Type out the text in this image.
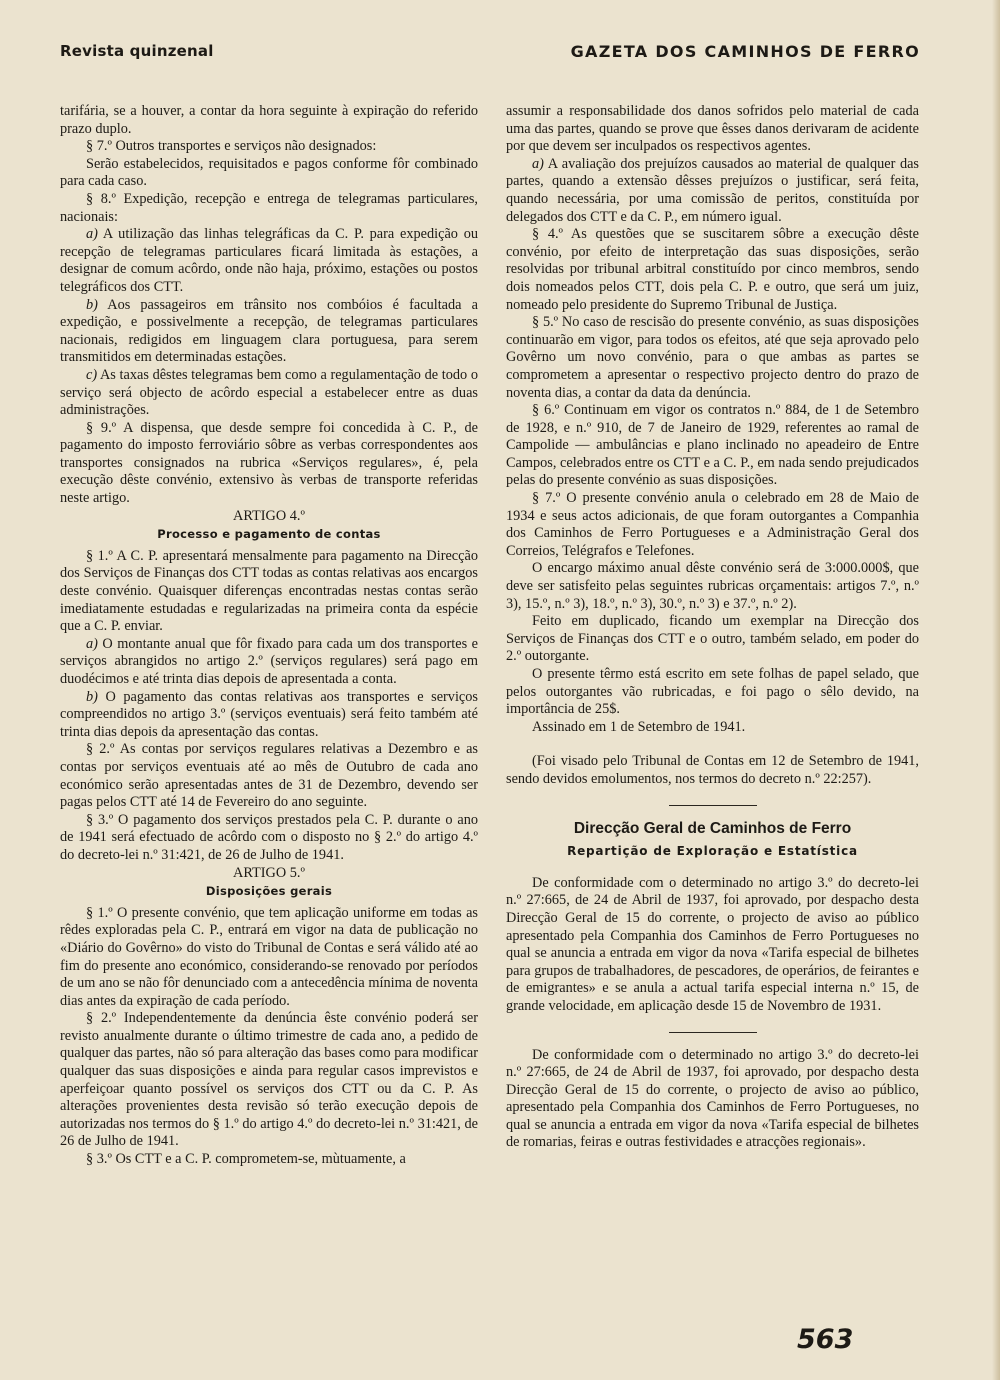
Revista quinzenal	GAZETA DOS CAMINHOS DE FERRO

tarifária, se a houver, a contar da hora seguinte à expiração do referido prazo duplo.

§ 7.º Outros transportes e serviços não designados:

Serão estabelecidos, requisitados e pagos conforme fôr combinado para cada caso.

§ 8.º Expedição, recepção e entrega de telegramas particulares, nacionais:

a) A utilização das linhas telegráficas da C. P. para expedição ou recepção de telegramas particulares ficará limitada às estações, a designar de comum acôrdo, onde não haja, próximo, estações ou postos telegráficos dos CTT.

b) Aos passageiros em trânsito nos combóios é facultada a expedição, e possivelmente a recepção, de telegramas particulares nacionais, redigidos em linguagem clara portuguesa, para serem transmitidos em determinadas estações.

c) As taxas dêstes telegramas bem como a regulamentação de todo o serviço será objecto de acôrdo especial a estabelecer entre as duas administrações.

§ 9.º A dispensa, que desde sempre foi concedida à C. P., de pagamento do imposto ferroviário sôbre as verbas correspondentes aos transportes consignados na rubrica «Serviços regulares», é, pela execução dêste convénio, extensivo às verbas de transporte referidas neste artigo.

ARTIGO 4.º

Processo e pagamento de contas

§ 1.º A C. P. apresentará mensalmente para pagamento na Direcção dos Serviços de Finanças dos CTT todas as contas relativas aos encargos deste convénio. Quaisquer diferenças encontradas nestas contas serão imediatamente estudadas e regularizadas na primeira conta da espécie que a C. P. enviar.

a) O montante anual que fôr fixado para cada um dos transportes e serviços abrangidos no artigo 2.º (serviços regulares) será pago em duodécimos e até trinta dias depois de apresentada a conta.

b) O pagamento das contas relativas aos transportes e serviços compreendidos no artigo 3.º (serviços eventuais) será feito também até trinta dias depois da apresentação das contas.

§ 2.º As contas por serviços regulares relativas a Dezembro e as contas por serviços eventuais até ao mês de Outubro de cada ano económico serão apresentadas antes de 31 de Dezembro, devendo ser pagas pelos CTT até 14 de Fevereiro do ano seguinte.

§ 3.º O pagamento dos serviços prestados pela C. P. durante o ano de 1941 será efectuado de acôrdo com o disposto no § 2.º do artigo 4.º do decreto-lei n.º 31:421, de 26 de Julho de 1941.

ARTIGO 5.º

Disposições gerais

§ 1.º O presente convénio, que tem aplicação uniforme em todas as rêdes exploradas pela C. P., entrará em vigor na data de publicação no «Diário do Govêrno» do visto do Tribunal de Contas e será válido até ao fim do presente ano económico, considerando-se renovado por períodos de um ano se não fôr denunciado com a antecedência mínima de noventa dias antes da expiração de cada período.

§ 2.º Independentemente da denúncia êste convénio poderá ser revisto anualmente durante o último trimestre de cada ano, a pedido de qualquer das partes, não só para alteração das bases como para modificar qualquer das suas disposições e ainda para regular casos imprevistos e aperfeiçoar quanto possível os serviços dos CTT ou da C. P. As alterações provenientes desta revisão só terão execução depois de autorizadas nos termos do § 1.º do artigo 4.º do decreto-lei n.º 31:421, de 26 de Julho de 1941.

§ 3.º Os CTT e a C. P. comprometem-se, mùtuamente, a

assumir a responsabilidade dos danos sofridos pelo material de cada uma das partes, quando se prove que êsses danos derivaram de acidente por que devem ser inculpados os respectivos agentes.

a) A avaliação dos prejuízos causados ao material de qualquer das partes, quando a extensão dêsses prejuízos o justificar, será feita, quando necessária, por uma comissão de peritos, constituída por delegados dos CTT e da C. P., em número igual.

§ 4.º As questões que se suscitarem sôbre a execução dêste convénio, por efeito de interpretação das suas disposições, serão resolvidas por tribunal arbitral constituído por cinco membros, sendo dois nomeados pelos CTT, dois pela C. P. e outro, que será um juiz, nomeado pelo presidente do Supremo Tribunal de Justiça.

§ 5.º No caso de rescisão do presente convénio, as suas disposições continuarão em vigor, para todos os efeitos, até que seja aprovado pelo Govêrno um novo convénio, para o que ambas as partes se comprometem a apresentar o respectivo projecto dentro do prazo de noventa dias, a contar da data da denúncia.

§ 6.º Continuam em vigor os contratos n.º 884, de 1 de Setembro de 1928, e n.º 910, de 7 de Janeiro de 1929, referentes ao ramal de Campolide — ambulâncias e plano inclinado no apeadeiro de Entre Campos, celebrados entre os CTT e a C. P., em nada sendo prejudicados pelas do presente convénio as suas disposições.

§ 7.º O presente convénio anula o celebrado em 28 de Maio de 1934 e seus actos adicionais, de que foram outorgantes a Companhia dos Caminhos de Ferro Portugueses e a Administração Geral dos Correios, Telégrafos e Telefones.

O encargo máximo anual dêste convénio será de 3:000.000$, que deve ser satisfeito pelas seguintes rubricas orçamentais: artigos 7.º, n.º 3), 15.º, n.º 3), 18.º, n.º 3), 30.º, n.º 3) e 37.º, n.º 2).

Feito em duplicado, ficando um exemplar na Direcção dos Serviços de Finanças dos CTT e o outro, também selado, em poder do 2.º outorgante.

O presente têrmo está escrito em sete folhas de papel selado, que pelos outorgantes vão rubricadas, e foi pago o sêlo devido, na importância de 25$.

Assinado em 1 de Setembro de 1941.

(Foi visado pelo Tribunal de Contas em 12 de Setembro de 1941, sendo devidos emolumentos, nos termos do decreto n.º 22:257).

Direcção Geral de Caminhos de Ferro
Repartição de Exploração e Estatística

De conformidade com o determinado no artigo 3.º do decreto-lei n.º 27:665, de 24 de Abril de 1937, foi aprovado, por despacho desta Direcção Geral de 15 do corrente, o projecto de aviso ao público apresentado pela Companhia dos Caminhos de Ferro Portugueses no qual se anuncia a entrada em vigor da nova «Tarifa especial de bilhetes para grupos de trabalhadores, de pescadores, de operários, de feirantes e de emigrantes» e se anula a actual tarifa especial interna n.º 15, de grande velocidade, em aplicação desde 15 de Novembro de 1931.

De conformidade com o determinado no artigo 3.º do decreto-lei n.º 27:665, de 24 de Abril de 1937, foi aprovado, por despacho desta Direcção Geral de 15 do corrente, o projecto de aviso ao público, apresentado pela Companhia dos Caminhos de Ferro Portugueses, no qual se anuncia a entrada em vigor da nova «Tarifa especial de bilhetes de romarias, feiras e outras festividades e atracções regionais».

563
